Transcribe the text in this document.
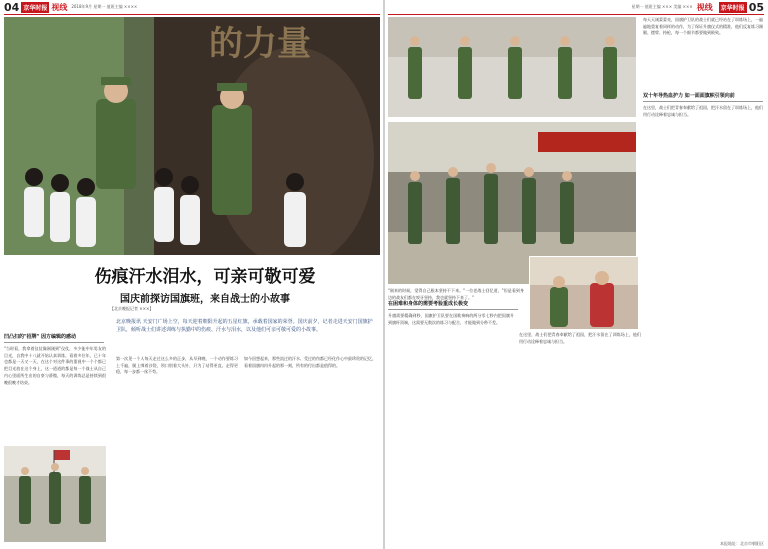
04 京华时报 视线 2018年9月 星期一 值班主编 ××××
的力量
伤痕汗水泪水，可亲可敬可爱
国庆前探访国旗班，来自战士的小故事
【北京晚报记者 ×××】
凹凸扫的"招牌" 因方编辑的感动
"当时看，我拿着仪仗像刚刚到"仪仗，多少能中年男友的目光，自我中十八就开始认真训练，看着多位年，已十年也都是一天又一天，在这个对这件事的重视中一个个都已把目光放在这个身上，这一道道的都是每一个战士从自己内心里面所生出的自豪与骄傲，每天的训练总是持续到很晚很晚才结束。
北京晚报讯 天安门广场上空，每天迎着朝阳升起的五星红旗，承载着国家的荣誉。国庆前夕，记者走进天安门国旗护卫队，倾听战士们讲述训练与执勤中的伤痕、汗水与泪水，以及他们可亲可敬可爱的小故事。
第一次见一个人每天走过这么多的正步，从早到晚，一个动作要练习上千遍，腿上绑着沙袋，领口别着大头针，只为了站得更直、走得更稳，每一步都一丝不苟。
如今回想起来，那些流过的汗水、受过的伤都已经化作心中最珍贵的记忆，看着国旗冉冉升起的那一刻，所有的付出都是值得的。
星期一 值班主编 ××× 美编 ××× 视线	京华时报 05
"刚来的时候，觉得自己根本坚持不下来。"一位老战士回忆道，"但是看到身边的战友们都在咬牙坚持，我也就坚持下来了。"
在困难和身体的需要考验重成长极变
升旗需要精确到秒，国旗护卫队要在国歌奏响的两分零七秒内把国旗升到旗杆顶端，这需要无数次的练习与配合，才能做到分秒不差。
在这里，战士们把青春奉献给了祖国，把汗水留在了训练场上，他们用行动诠释着忠诚与担当。
每天天刚蒙蒙亮，国旗护卫队的战士们就已经站在了训练场上，一遍遍地重复着同样的动作，为了保证升旗仪式的精准，他们反复练习踢腿、摆臂、持枪，每一个细节都要做到极致。
双十年导热血护力 如一面面旗帜引领向前
在这里，战士们把青春奉献给了祖国，把汗水留在了训练场上，他们用行动诠释着忠诚与担当。
本报地址：北京市朝阳区
